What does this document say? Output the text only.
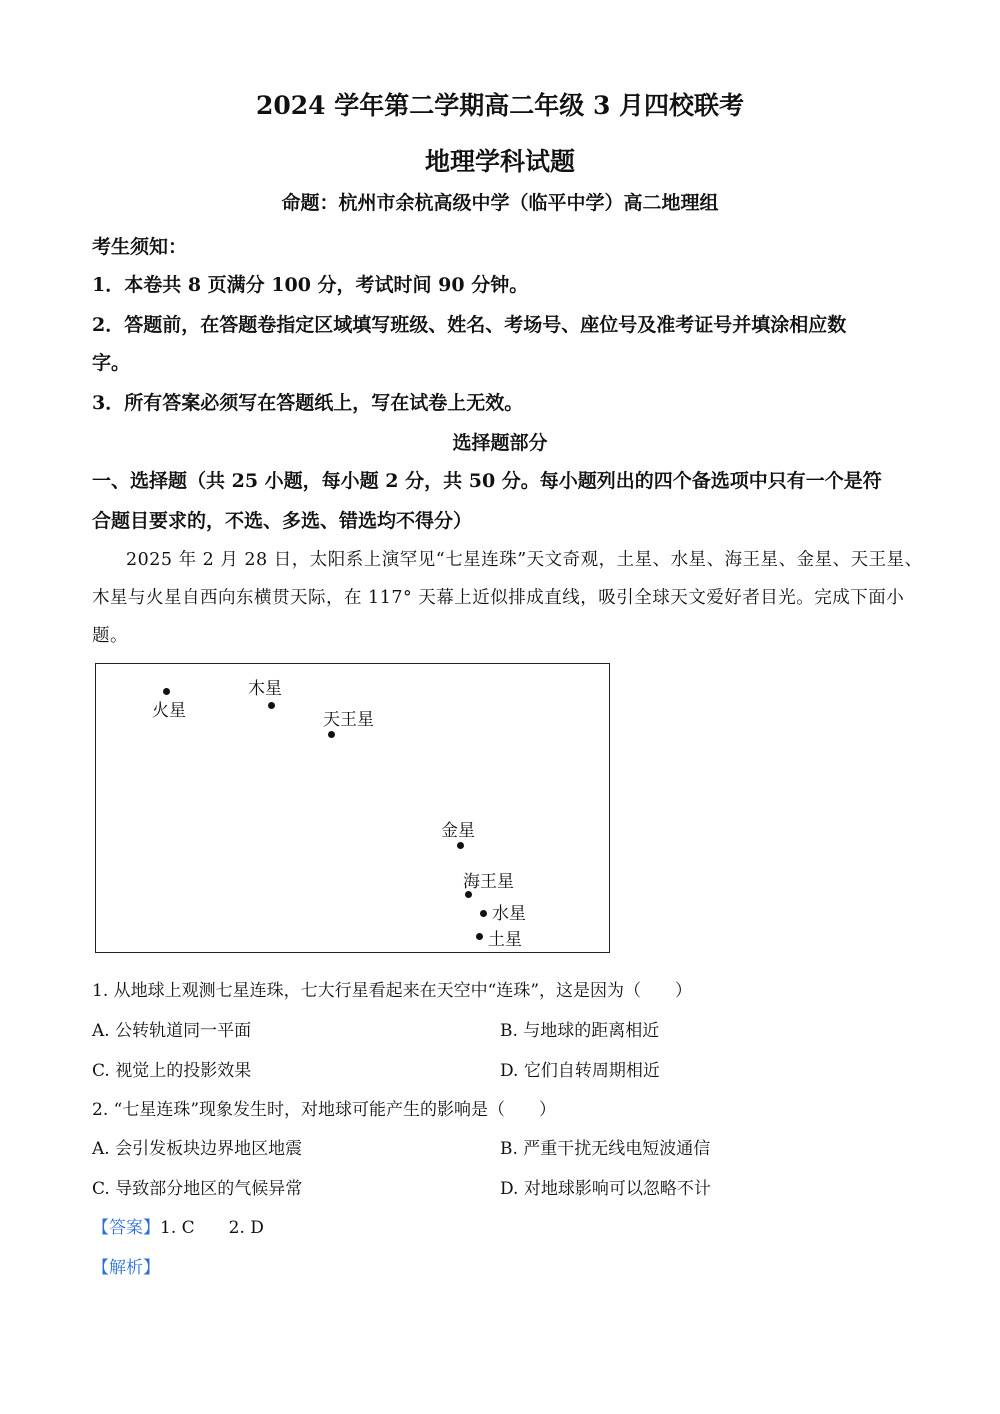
2024 学年第二学期高二年级 3 月四校联考
地理学科试题
命题：杭州市余杭高级中学（临平中学）高二地理组
考生须知：
1．本卷共 8 页满分 100 分，考试时间 90 分钟。
2．答题前，在答题卷指定区域填写班级、姓名、考场号、座位号及准考证号并填涂相应数
字。
3．所有答案必须写在答题纸上，写在试卷上无效。
选择题部分
一、选择题（共 25 小题，每小题 2 分，共 50 分。每小题列出的四个备选项中只有一个是符
合题目要求的，不选、多选、错选均不得分）
2025 年 2 月 28 日，太阳系上演罕见“七星连珠”天文奇观，土星、水星、海王星、金星、天王星、
木星与火星自西向东横贯天际，在 117° 天幕上近似排成直线，吸引全球天文爱好者目光。完成下面小
题。
火星
木星
天王星
金星
海王星
水星
土星
1. 从地球上观测七星连珠，七大行星看起来在天空中“连珠”，这是因为（　　）
A. 公转轨道同一平面	B. 与地球的距离相近
C. 视觉上的投影效果	D. 它们自转周期相近
2. “七星连珠”现象发生时，对地球可能产生的影响是（　　）
A. 会引发板块边界地区地震	B. 严重干扰无线电短波通信
C. 导致部分地区的气候异常	D. 对地球影响可以忽略不计
【答案】1. C　　2. D
【解析】
